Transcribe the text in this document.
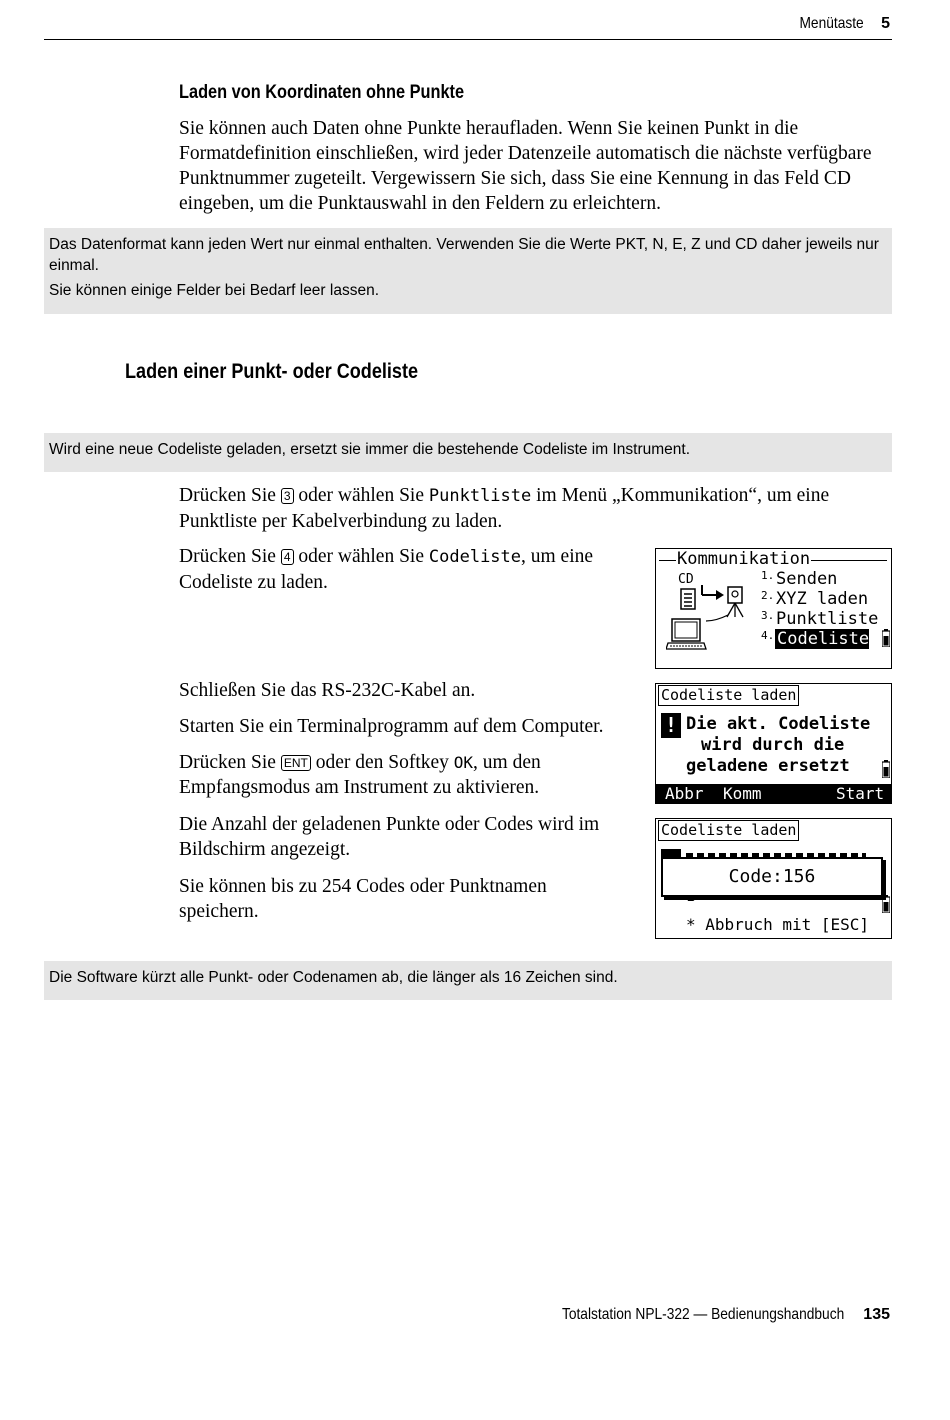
Menütaste 5
Laden von Koordinaten ohne Punkte

Sie können auch Daten ohne Punkte heraufladen. Wenn Sie keinen Punkt in die Formatdefinition einschließen, wird jeder Datenzeile automatisch die nächste verfügbare Punktnummer zugeteilt. Vergewissern Sie sich, dass Sie eine Kennung in das Feld CD eingeben, um die Punktauswahl in den Feldern zu erleichtern.

Das Datenformat kann jeden Wert nur einmal enthalten. Verwenden Sie die Werte PKT, N, E, Z und CD daher jeweils nur einmal.

Sie können einige Felder bei Bedarf leer lassen.

Laden einer Punkt- oder Codeliste

Wird eine neue Codeliste geladen, ersetzt sie immer die bestehende Codeliste im Instrument.

Drücken Sie 3 oder wählen Sie Punktliste im Menü „Kommunikation“, um eine Punktliste per Kabelverbindung zu laden.

Drücken Sie 4 oder wählen Sie Codeliste, um eine Codeliste zu laden.

Kommunikation
CD	1. Senden
2. XYZ laden
3. Punktliste
4. Codeliste

Schließen Sie das RS-232C-Kabel an.

Starten Sie ein Terminalprogramm auf dem Computer.

Drücken Sie ENT oder den Softkey OK, um den Empfangsmodus am Instrument zu aktivieren.

Die Anzahl der geladenen Punkte oder Codes wird im Bildschirm angezeigt.

Sie können bis zu 254 Codes oder Punktnamen speichern.

Codeliste laden
! Die akt. Codeliste
wird durch die
geladene ersetzt
Abbr Komm	Start
Codeliste laden
Code:156
* Abbruch mit [ESC]

Die Software kürzt alle Punkt- oder Codenamen ab, die länger als 16 Zeichen sind.

Totalstation NPL-322 — Bedienungshandbuch 135
